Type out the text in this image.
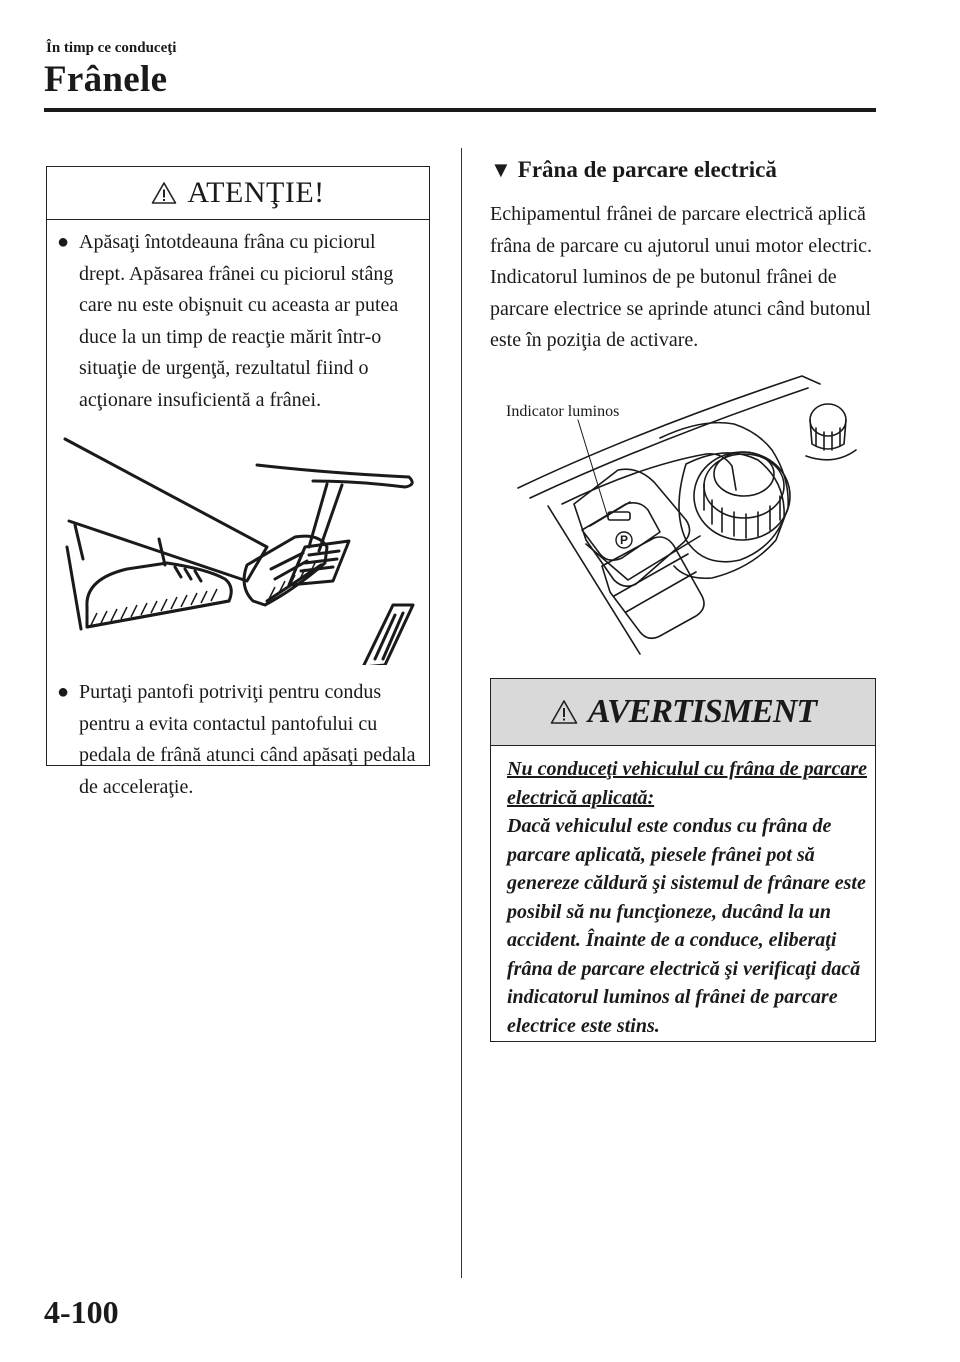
În timp ce conduceţi
Frânele
ATENŢIE!
● Apăsaţi întotdeauna frâna cu piciorul drept. Apăsarea frânei cu piciorul stâng care nu este obişnuit cu aceasta ar putea duce la un timp de reacţie mărit într-o situaţie de urgenţă, rezultatul fiind o acţionare insuficientă a frânei.
● Purtaţi pantofi potriviţi pentru condus pentru a evita contactul pantofului cu pedala de frână atunci când apăsaţi pedala de acceleraţie.
▼ Frâna de parcare electrică
Echipamentul frânei de parcare electrică aplică frâna de parcare cu ajutorul unui motor electric. Indicatorul luminos de pe butonul frânei de parcare electrice se aprinde atunci când butonul este în poziţia de activare.
Indicator luminos
P
AVERTISMENT
Nu conduceţi vehiculul cu frâna de parcare electrică aplicată:
Dacă vehiculul este condus cu frâna de parcare aplicată, piesele frânei pot să genereze căldură şi sistemul de frânare este posibil să nu funcţioneze, ducând la un accident. Înainte de a conduce, eliberaţi frâna de parcare electrică şi verificaţi dacă indicatorul luminos al frânei de parcare electrice este stins.
4-100
